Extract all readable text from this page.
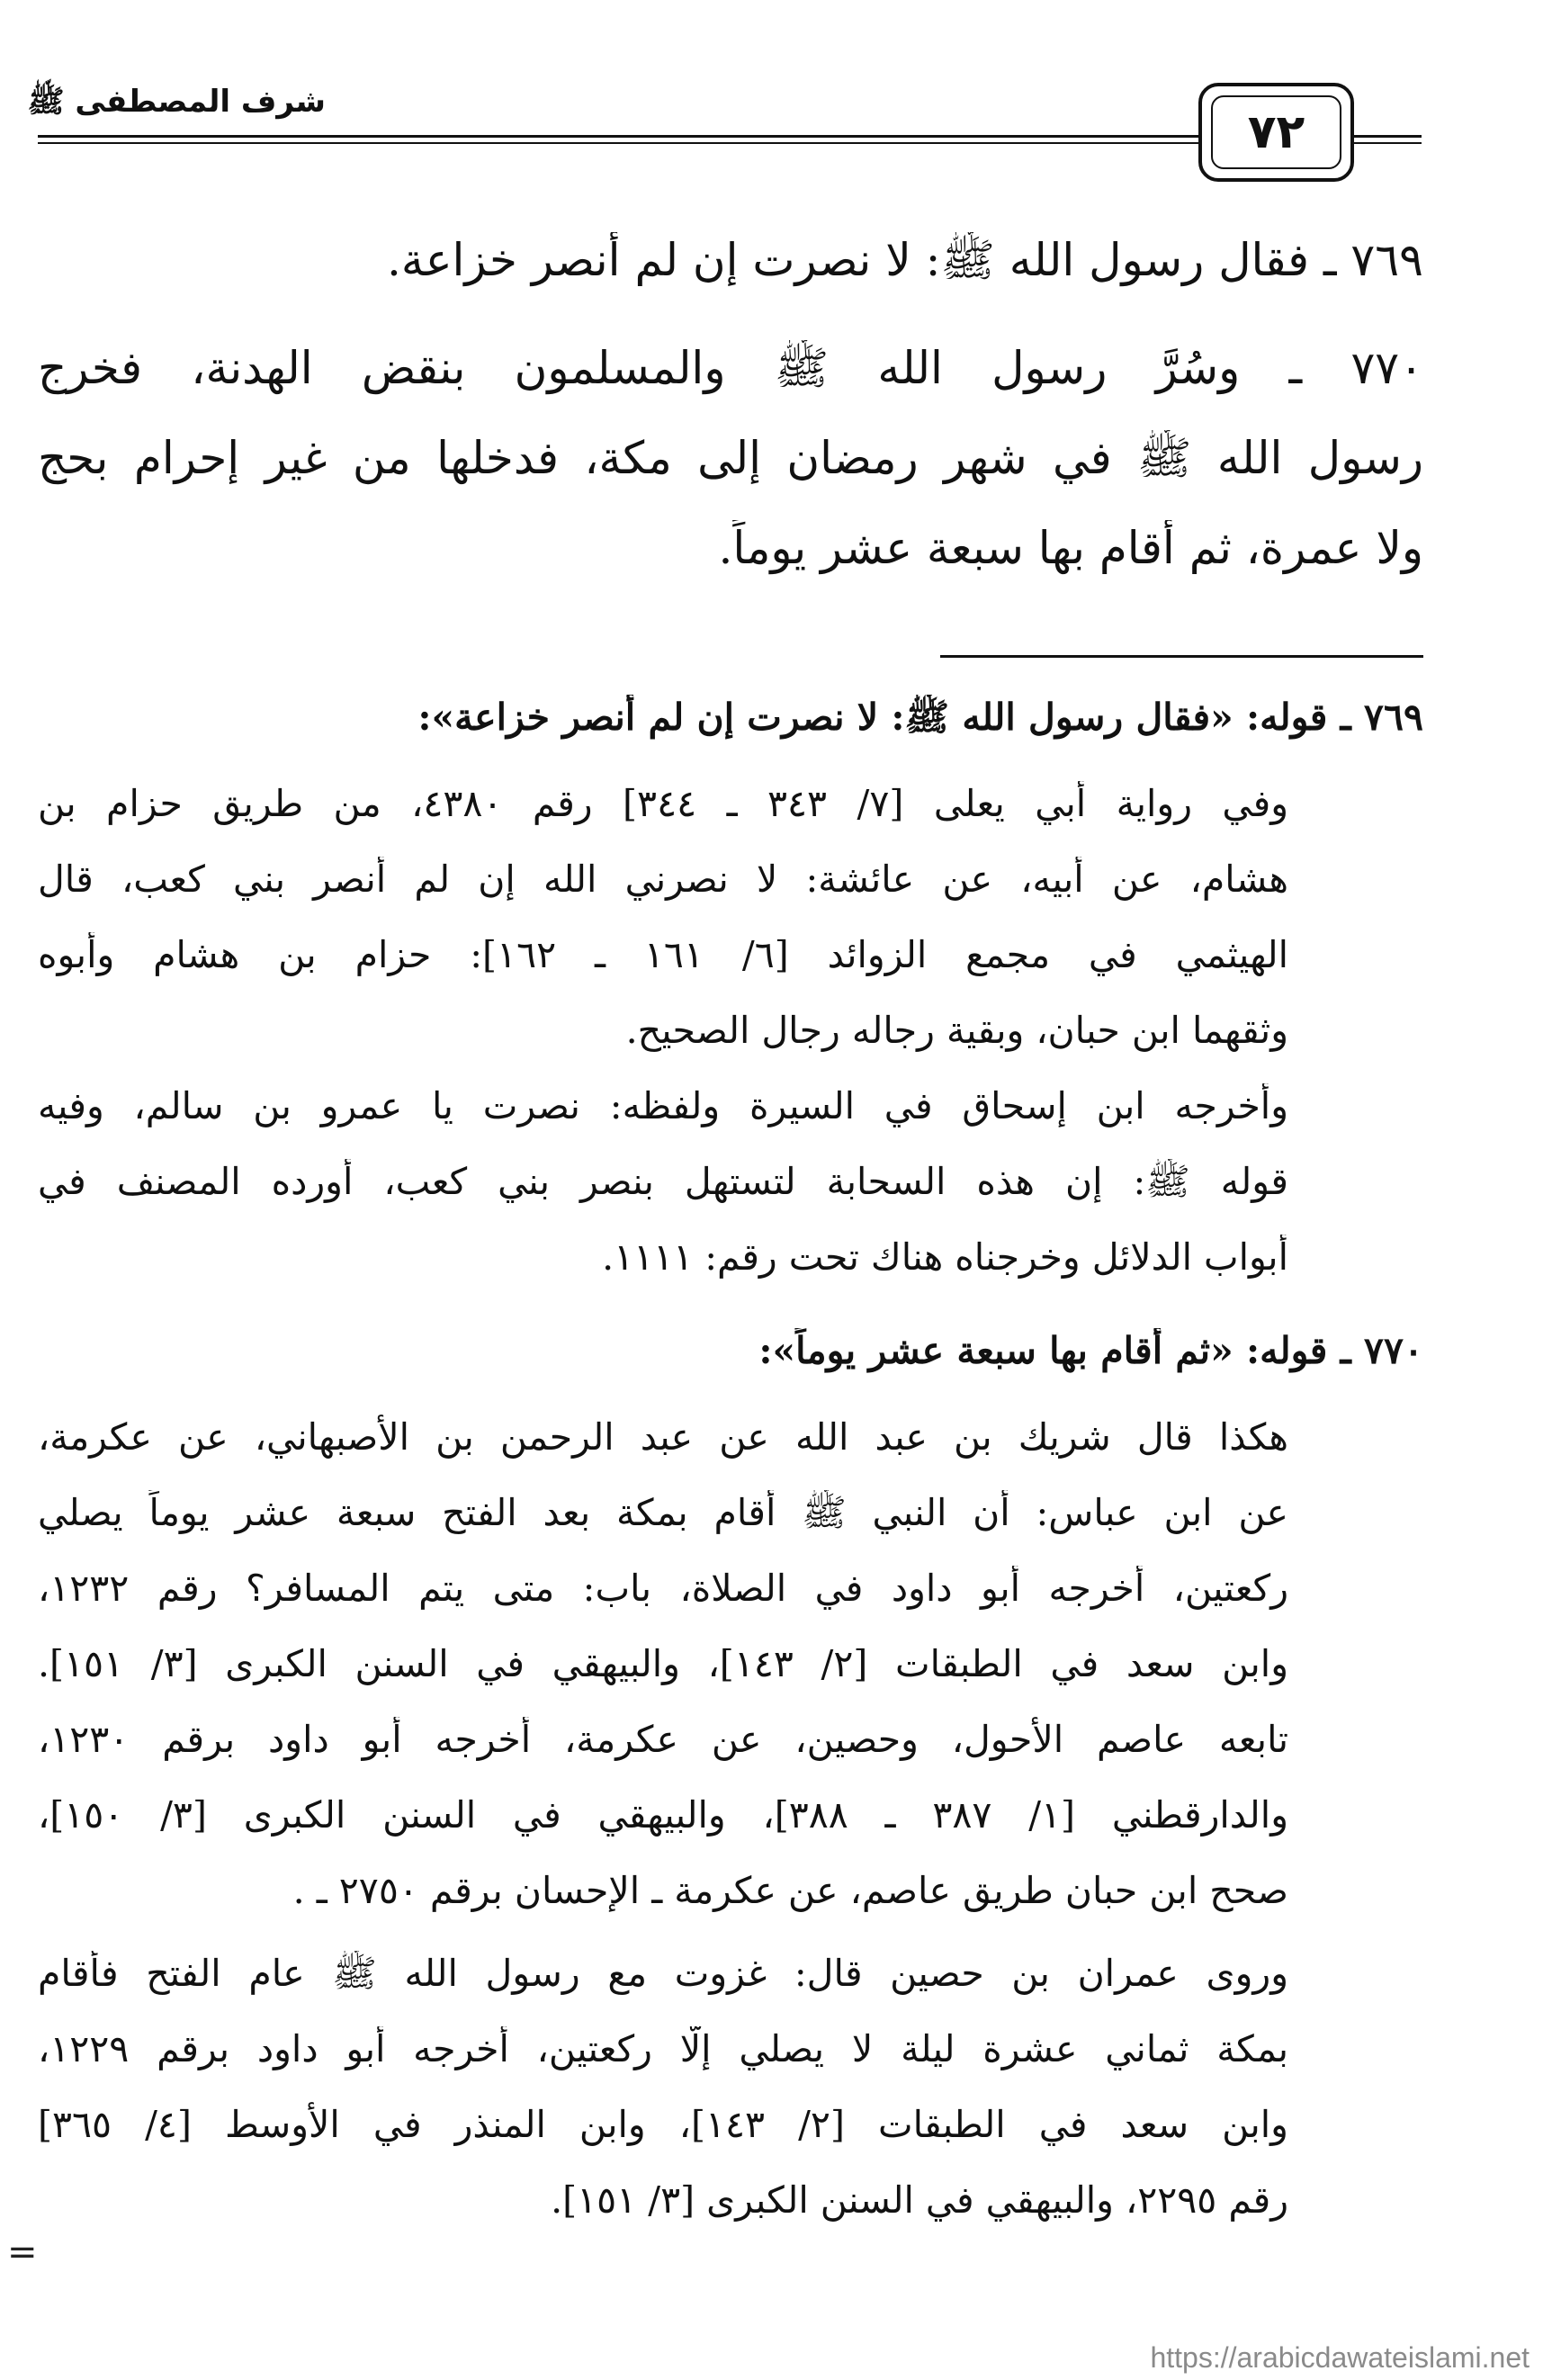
شرف المصطفى ﷺ
٧٢
٧٦٩ ـ فقال رسول الله ﷺ: لا نصرت إن لم أنصر خزاعة.
٧٧٠ ـ وسُرَّ رسول الله ﷺ والمسلمون بنقض الهدنة، فخرج
رسول الله ﷺ في شهر رمضان إلى مكة، فدخلها من غير إحرام بحج
ولا عمرة، ثم أقام بها سبعة عشر يوماً.
٧٦٩ ـ قوله: «فقال رسول الله ﷺ: لا نصرت إن لم أنصر خزاعة»:
وفي رواية أبي يعلى [٧/ ٣٤٣ ـ ٣٤٤] رقم ٤٣٨٠، من طريق حزام بن
هشام، عن أبيه، عن عائشة: لا نصرني الله إن لم أنصر بني كعب، قال
الهيثمي في مجمع الزوائد [٦/ ١٦١ ـ ١٦٢]: حزام بن هشام وأبوه
وثقهما ابن حبان، وبقية رجاله رجال الصحيح.
وأخرجه ابن إسحاق في السيرة ولفظه: نصرت يا عمرو بن سالم، وفيه
قوله ﷺ: إن هذه السحابة لتستهل بنصر بني كعب، أورده المصنف في
أبواب الدلائل وخرجناه هناك تحت رقم: ١١١١.
٧٧٠ ـ قوله: «ثم أقام بها سبعة عشر يوماً»:
هكذا قال شريك بن عبد الله عن عبد الرحمن بن الأصبهاني، عن عكرمة،
عن ابن عباس: أن النبي ﷺ أقام بمكة بعد الفتح سبعة عشر يوماً يصلي
ركعتين، أخرجه أبو داود في الصلاة، باب: متى يتم المسافر؟ رقم ١٢٣٢،
وابن سعد في الطبقات [٢/ ١٤٣]، والبيهقي في السنن الكبرى [٣/ ١٥١].
تابعه عاصم الأحول، وحصين، عن عكرمة، أخرجه أبو داود برقم ١٢٣٠،
والدارقطني [١/ ٣٨٧ ـ ٣٨٨]، والبيهقي في السنن الكبرى [٣/ ١٥٠]،
صحح ابن حبان طريق عاصم، عن عكرمة ـ الإحسان برقم ٢٧٥٠ ـ .
وروى عمران بن حصين قال: غزوت مع رسول الله ﷺ عام الفتح فأقام
بمكة ثماني عشرة ليلة لا يصلي إلّا ركعتين، أخرجه أبو داود برقم ١٢٢٩،
وابن سعد في الطبقات [٢/ ١٤٣]، وابن المنذر في الأوسط [٤/ ٣٦٥]
رقم ٢٢٩٥، والبيهقي في السنن الكبرى [٣/ ١٥١].
=
https://arabicdawateislami.net
